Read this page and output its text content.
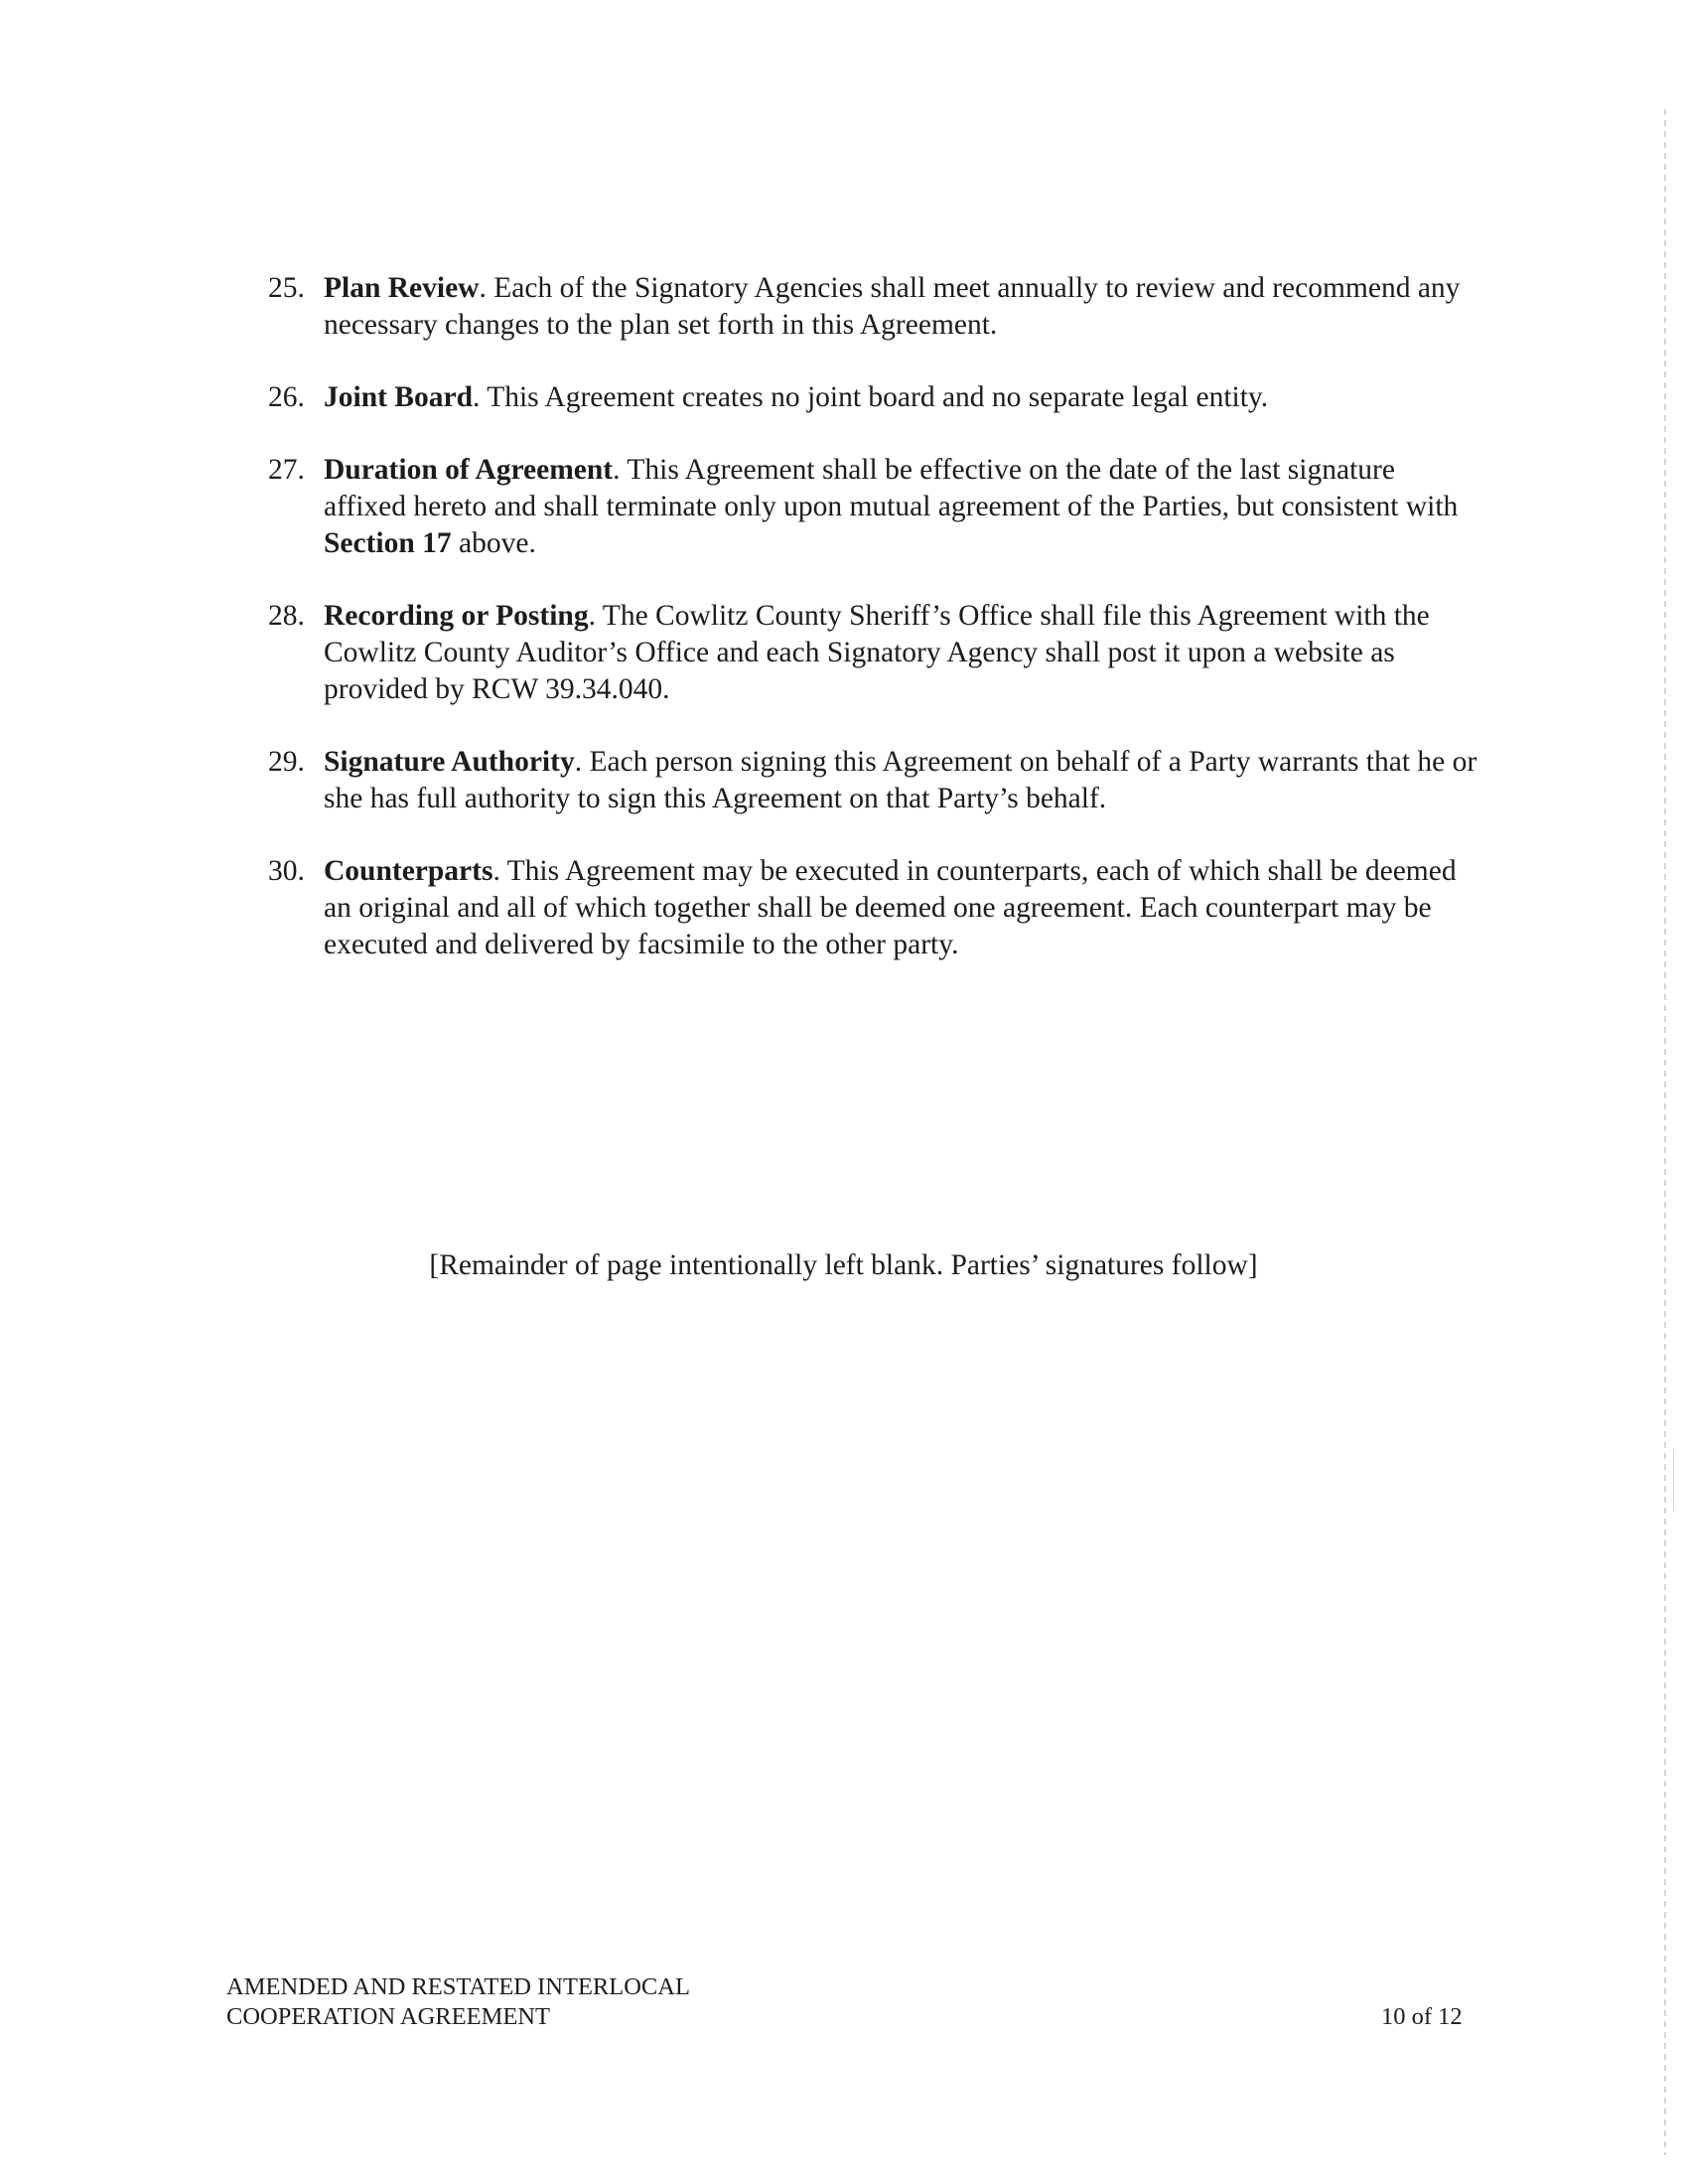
25. Plan Review. Each of the Signatory Agencies shall meet annually to review and recommend any necessary changes to the plan set forth in this Agreement.

26. Joint Board. This Agreement creates no joint board and no separate legal entity.

27. Duration of Agreement. This Agreement shall be effective on the date of the last signature affixed hereto and shall terminate only upon mutual agreement of the Parties, but consistent with Section 17 above.

28. Recording or Posting. The Cowlitz County Sheriff’s Office shall file this Agreement with the Cowlitz County Auditor’s Office and each Signatory Agency shall post it upon a website as provided by RCW 39.34.040.

29. Signature Authority. Each person signing this Agreement on behalf of a Party warrants that he or she has full authority to sign this Agreement on that Party’s behalf.

30. Counterparts. This Agreement may be executed in counterparts, each of which shall be deemed an original and all of which together shall be deemed one agreement. Each counterpart may be executed and delivered by facsimile to the other party.

[Remainder of page intentionally left blank. Parties’ signatures follow]
AMENDED AND RESTATED INTERLOCAL
COOPERATION AGREEMENT	10 of 12
